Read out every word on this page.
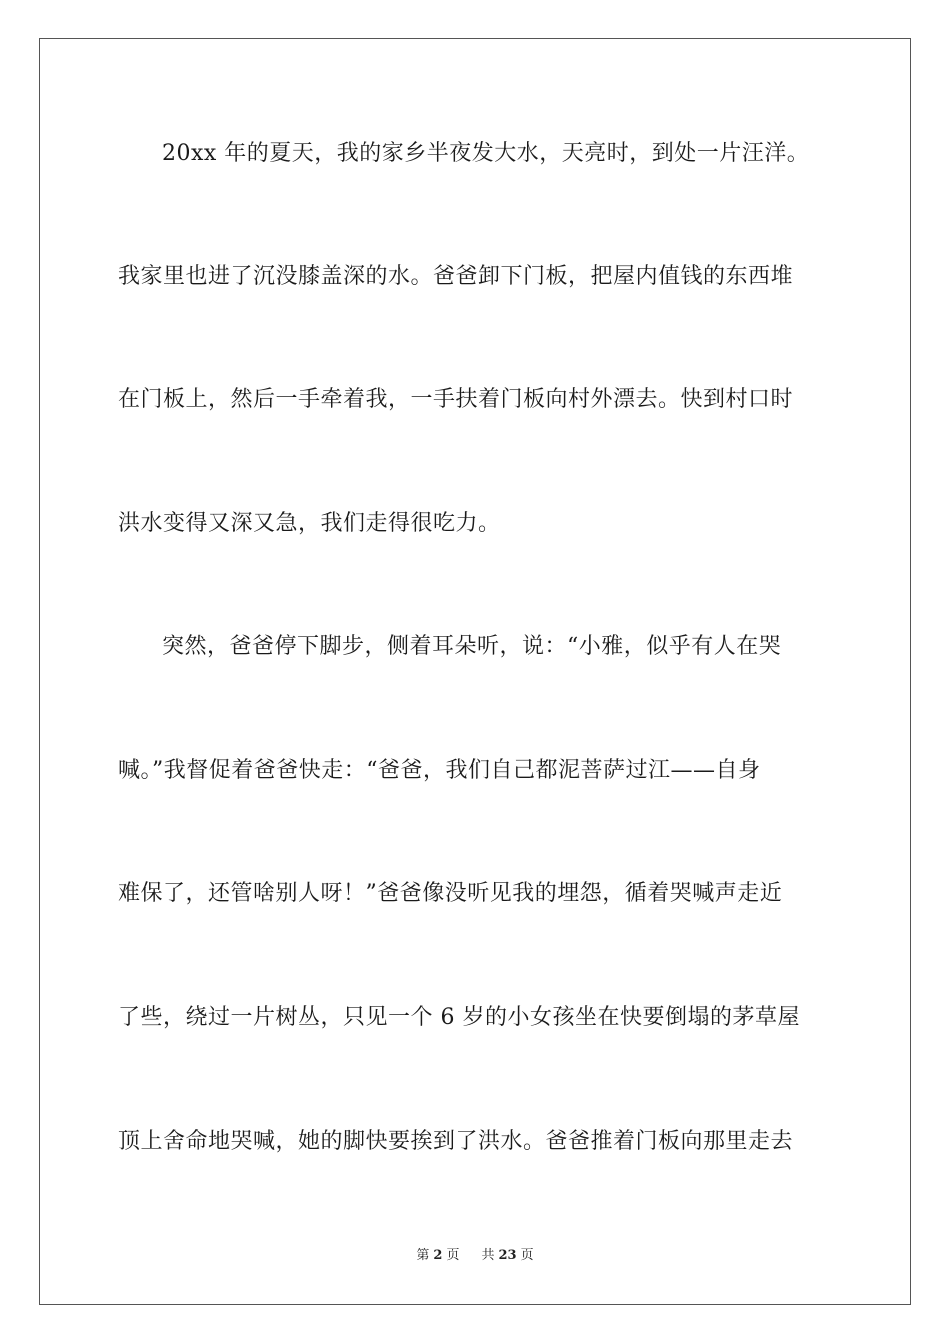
20xx 年的夏天，我的家乡半夜发大水，天亮时，到处一片汪洋。
我家里也进了沉没膝盖深的水。爸爸卸下门板，把屋内值钱的东西堆
在门板上，然后一手牵着我，一手扶着门板向村外漂去。快到村口时
洪水变得又深又急，我们走得很吃力。
突然，爸爸停下脚步，侧着耳朵听，说：“小雅，似乎有人在哭
喊。”我督促着爸爸快走：“爸爸，我们自己都泥菩萨过江——自身
难保了，还管啥别人呀！”爸爸像没听见我的埋怨，循着哭喊声走近
了些，绕过一片树丛，只见一个 6 岁的小女孩坐在快要倒塌的茅草屋
顶上舍命地哭喊，她的脚快要挨到了洪水。爸爸推着门板向那里走去
第 2 页 共 23 页
